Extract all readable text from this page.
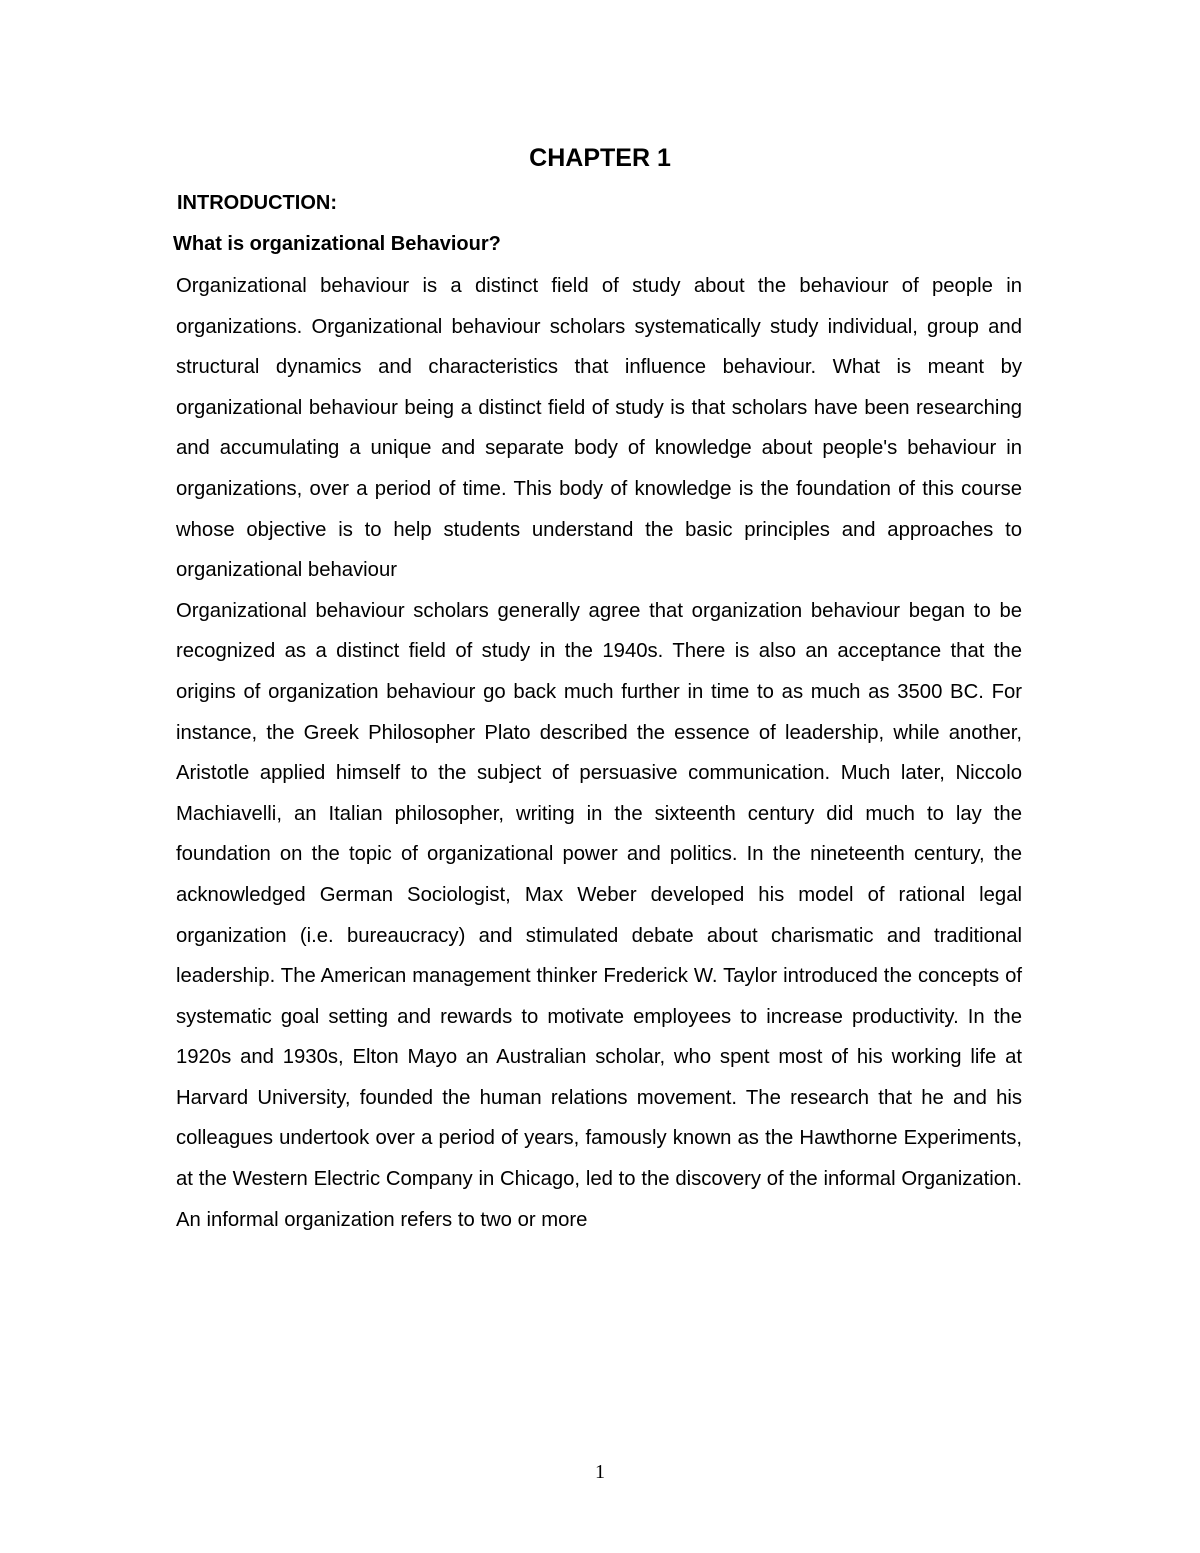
CHAPTER 1
INTRODUCTION:
What is organizational Behaviour?

Organizational behaviour is a distinct field of study about the behaviour of people in organizations. Organizational behaviour scholars systematically study individual, group and structural dynamics and characteristics that influence behaviour. What is meant by organizational behaviour being a distinct field of study is that scholars have been researching and accumulating a unique and separate body of knowledge about people's behaviour in organizations, over a period of time. This body of knowledge is the foundation of this course whose objective is to help students understand the basic principles and approaches to organizational behaviour

Organizational behaviour scholars generally agree that organization behaviour began to be recognized as a distinct field of study in the 1940s. There is also an acceptance that the origins of organization behaviour go back much further in time to as much as 3500 BC. For instance, the Greek Philosopher Plato described the essence of leadership, while another, Aristotle applied himself to the subject of persuasive communication. Much later, Niccolo Machiavelli, an Italian philosopher, writing in the sixteenth century did much to lay the foundation on the topic of organizational power and politics. In the nineteenth century, the acknowledged German Sociologist, Max Weber developed his model of rational legal organization (i.e. bureaucracy) and stimulated debate about charismatic and traditional leadership. The American management thinker Frederick W. Taylor introduced the concepts of systematic goal setting and rewards to motivate employees to increase productivity. In the 1920s and 1930s, Elton Mayo an Australian scholar, who spent most of his working life at Harvard University, founded the human relations movement. The research that he and his colleagues undertook over a period of years, famously known as the Hawthorne Experiments, at the Western Electric Company in Chicago, led to the discovery of the informal Organization. An informal organization refers to two or more

1
